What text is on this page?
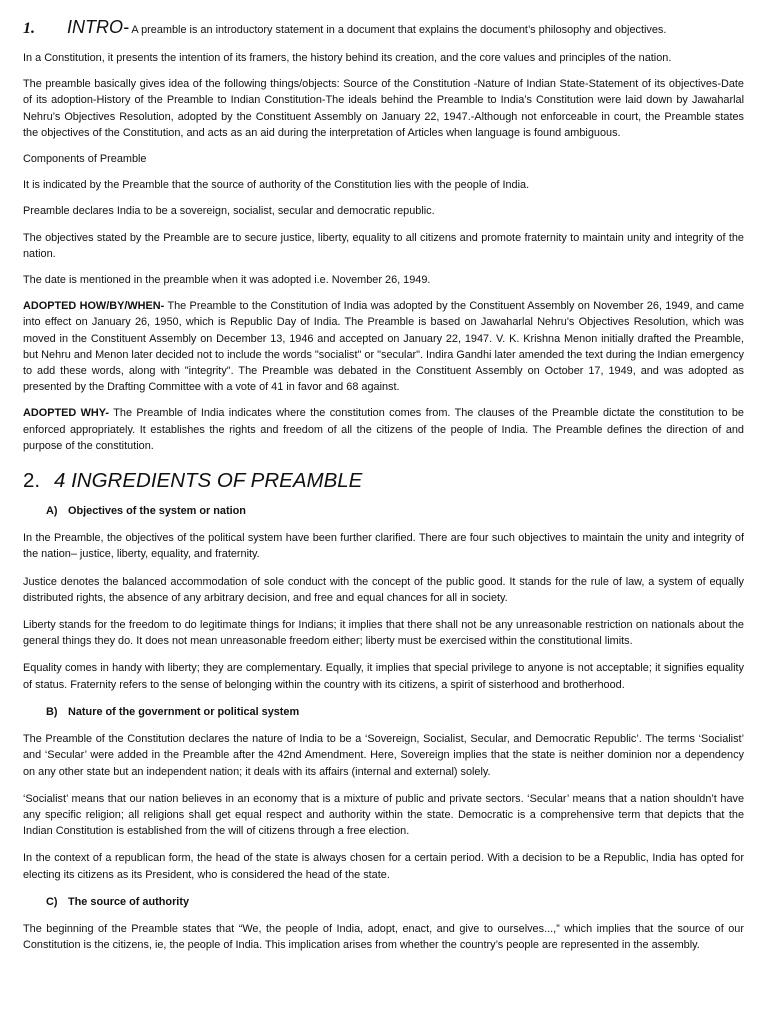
1. INTRO- A preamble is an introductory statement in a document that explains the document’s philosophy and objectives.

In a Constitution, it presents the intention of its framers, the history behind its creation, and the core values and principles of the nation.

The preamble basically gives idea of the following things/objects: Source of the Constitution -Nature of Indian State-Statement of its objectives-Date of its adoption-History of the Preamble to Indian Constitution-The ideals behind the Preamble to India’s Constitution were laid down by Jawaharlal Nehru’s Objectives Resolution, adopted by the Constituent Assembly on January 22, 1947.-Although not enforceable in court, the Preamble states the objectives of the Constitution, and acts as an aid during the interpretation of Articles when language is found ambiguous.

Components of Preamble

It is indicated by the Preamble that the source of authority of the Constitution lies with the people of India.

Preamble declares India to be a sovereign, socialist, secular and democratic republic.

The objectives stated by the Preamble are to secure justice, liberty, equality to all citizens and promote fraternity to maintain unity and integrity of the nation.

The date is mentioned in the preamble when it was adopted i.e. November 26, 1949.

ADOPTED HOW/BY/WHEN- The Preamble to the Constitution of India was adopted by the Constituent Assembly on November 26, 1949, and came into effect on January 26, 1950, which is Republic Day of India. The Preamble is based on Jawaharlal Nehru's Objectives Resolution, which was moved in the Constituent Assembly on December 13, 1946 and accepted on January 22, 1947. V. K. Krishna Menon initially drafted the Preamble, but Nehru and Menon later decided not to include the words "socialist" or "secular". Indira Gandhi later amended the text during the Indian emergency to add these words, along with "integrity". The Preamble was debated in the Constituent Assembly on October 17, 1949, and was adopted as presented by the Drafting Committee with a vote of 41 in favor and 68 against.

ADOPTED WHY- The Preamble of India indicates where the constitution comes from. The clauses of the Preamble dictate the constitution to be enforced appropriately. It establishes the rights and freedom of all the citizens of the people of India. The Preamble defines the direction of and purpose of the constitution.

2. 4 INGREDIENTS OF PREAMBLE

A) Objectives of the system or nation

In the Preamble, the objectives of the political system have been further clarified. There are four such objectives to maintain the unity and integrity of the nation– justice, liberty, equality, and fraternity.

Justice denotes the balanced accommodation of sole conduct with the concept of the public good. It stands for the rule of law, a system of equally distributed rights, the absence of any arbitrary decision, and free and equal chances for all in society.

Liberty stands for the freedom to do legitimate things for Indians; it implies that there shall not be any unreasonable restriction on nationals about the general things they do. It does not mean unreasonable freedom either; liberty must be exercised within the constitutional limits.

Equality comes in handy with liberty; they are complementary. Equally, it implies that special privilege to anyone is not acceptable; it signifies equality of status. Fraternity refers to the sense of belonging within the country with its citizens, a spirit of sisterhood and brotherhood.

B) Nature of the government or political system

The Preamble of the Constitution declares the nature of India to be a ‘Sovereign, Socialist, Secular, and Democratic Republic’. The terms ‘Socialist’ and ‘Secular’ were added in the Preamble after the 42nd Amendment. Here, Sovereign implies that the state is neither dominion nor a dependency on any other state but an independent nation; it deals with its affairs (internal and external) solely.

‘Socialist’ means that our nation believes in an economy that is a mixture of public and private sectors. ‘Secular’ means that a nation shouldn’t have any specific religion; all religions shall get equal respect and authority within the state. Democratic is a comprehensive term that depicts that the Indian Constitution is established from the will of citizens through a free election.

In the context of a republican form, the head of the state is always chosen for a certain period. With a decision to be a Republic, India has opted for electing its citizens as its President, who is considered the head of the state.

C) The source of authority

The beginning of the Preamble states that “We, the people of India, adopt, enact, and give to ourselves...,” which implies that the source of our Constitution is the citizens, ie, the people of India. This implication arises from whether the country’s people are represented in the assembly.
